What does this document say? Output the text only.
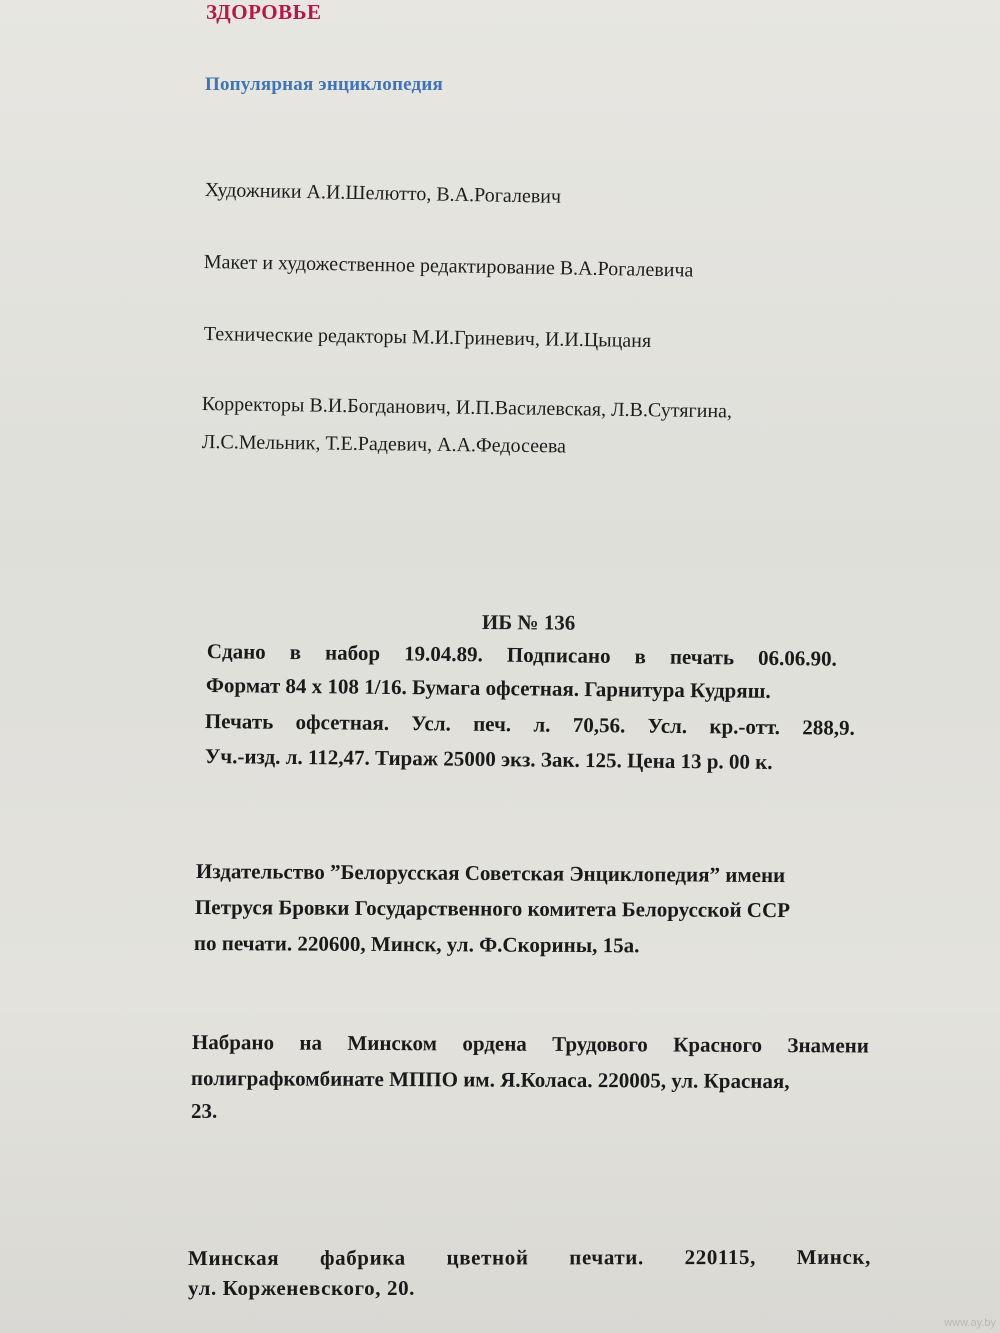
ЗДОРОВЬЕ

Популярная энциклопедия

Художники А.И.Шелютто, В.А.Рогалевич

Макет и художественное редактирование В.А.Рогалевича

Технические редакторы М.И.Гриневич, И.И.Цыцаня

Корректоры В.И.Богданович, И.П.Василевская, Л.В.Сутягина,

Л.С.Мельник, Т.Е.Радевич, А.А.Федосеева

ИБ № 136

Сдано в набор 19.04.89. Подписано в печать 06.06.90.

Формат 84 x 108 1/16. Бумага офсетная. Гарнитура Кудряш.

Печать офсетная. Усл. печ. л. 70,56. Усл. кр.-отт. 288,9.

Уч.-изд. л. 112,47. Тираж 25000 экз. Зак. 125. Цена 13 р. 00 к.

Издательство ”Белорусская Советская Энциклопедия” имени

Петруся Бровки Государственного комитета Белорусской ССР

по печати. 220600, Минск, ул. Ф.Скорины, 15а.

Набрано на Минском ордена Трудового Красного Знамени

полиграфкомбинате МППО им. Я.Коласа. 220005, ул. Красная,

23.

Минская фабрика цветной печати. 220115, Минск,

ул. Корженевского, 20.

www.ay.by
